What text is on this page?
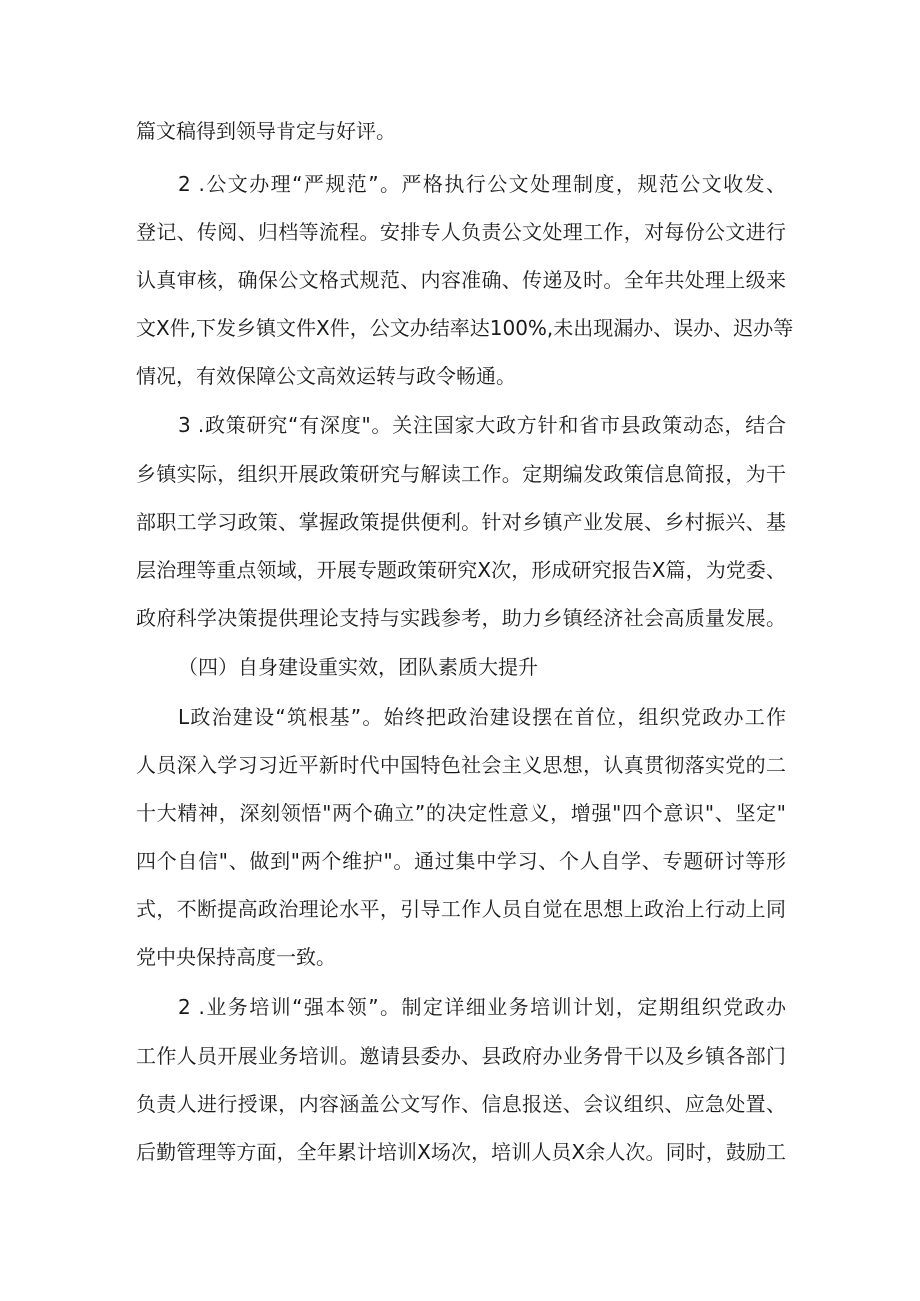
篇文稿得到领导肯定与好评。
2 .公文办理“严规范”。严格执行公文处理制度，规范公文收发、
登记、传阅、归档等流程。安排专人负责公文处理工作，对每份公文进行
认真审核，确保公文格式规范、内容准确、传递及时。全年共处理上级来
文X件,下发乡镇文件X件，公文办结率达100%,未出现漏办、误办、迟办等
情况，有效保障公文高效运转与政令畅通。
3 .政策研究“有深度"。关注国家大政方针和省市县政策动态，结合
乡镇实际，组织开展政策研究与解读工作。定期编发政策信息简报，为干
部职工学习政策、掌握政策提供便利。针对乡镇产业发展、乡村振兴、基
层治理等重点领域，开展专题政策研究X次，形成研究报告X篇，为党委、
政府科学决策提供理论支持与实践参考，助力乡镇经济社会高质量发展。
（四）自身建设重实效，团队素质大提升
L政治建设“筑根基”。始终把政治建设摆在首位，组织党政办工作
人员深入学习习近平新时代中国特色社会主义思想，认真贯彻落实党的二
十大精神，深刻领悟"两个确立”的决定性意义，增强"四个意识"、坚定"
四个自信"、做到"两个维护"。通过集中学习、个人自学、专题研讨等形
式，不断提高政治理论水平，引导工作人员自觉在思想上政治上行动上同
党中央保持高度一致。
2 .业务培训“强本领”。制定详细业务培训计划，定期组织党政办
工作人员开展业务培训。邀请县委办、县政府办业务骨干以及乡镇各部门
负责人进行授课，内容涵盖公文写作、信息报送、会议组织、应急处置、
后勤管理等方面，全年累计培训X场次，培训人员X余人次。同时，鼓励工
